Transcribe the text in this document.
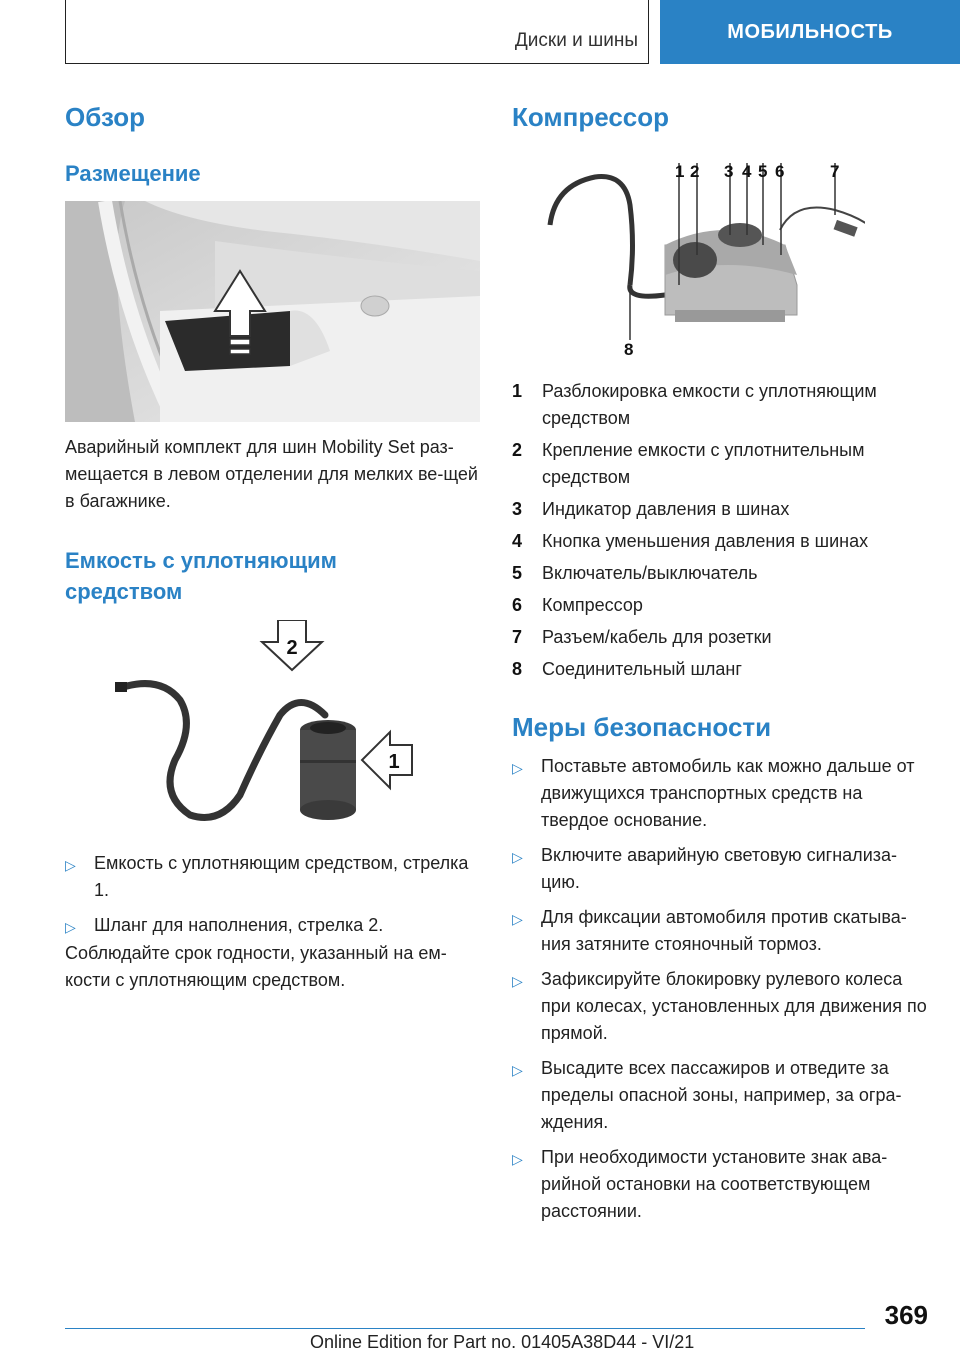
Диски и шины	МОБИЛЬНОСТЬ
Обзор
Размещение
Аварийный комплект для шин Mobility Set раз-мещается в левом отделении для мелких ве-щей в багажнике.
Емкость с уплотняющим средством
2
1
▷ Емкость с уплотняющим средством, стрелка 1.
▷ Шланг для наполнения, стрелка 2.
Соблюдайте срок годности, указанный на ем-кости с уплотняющим средством.
Компрессор
1 2 3 4 5 6	7
8
1 Разблокировка емкости с уплотняющим средством
2 Крепление емкости с уплотнительным средством
3 Индикатор давления в шинах
4 Кнопка уменьшения давления в шинах
5 Включатель/выключатель
6 Компрессор
7 Разъем/кабель для розетки
8 Соединительный шланг
Меры безопасности
▷ Поставьте автомобиль как можно дальше от движущихся транспортных средств на твердое основание.
▷ Включите аварийную световую сигнализа-цию.
▷ Для фиксации автомобиля против скатыва-ния затяните стояночный тормоз.
▷ Зафиксируйте блокировку рулевого колеса при колесах, установленных для движения по прямой.
▷ Высадите всех пассажиров и отведите за пределы опасной зоны, например, за огра-ждения.
▷ При необходимости установите знак ава-рийной остановки на соответствующем расстоянии.
369
Online Edition for Part no. 01405A38D44 - VI/21
